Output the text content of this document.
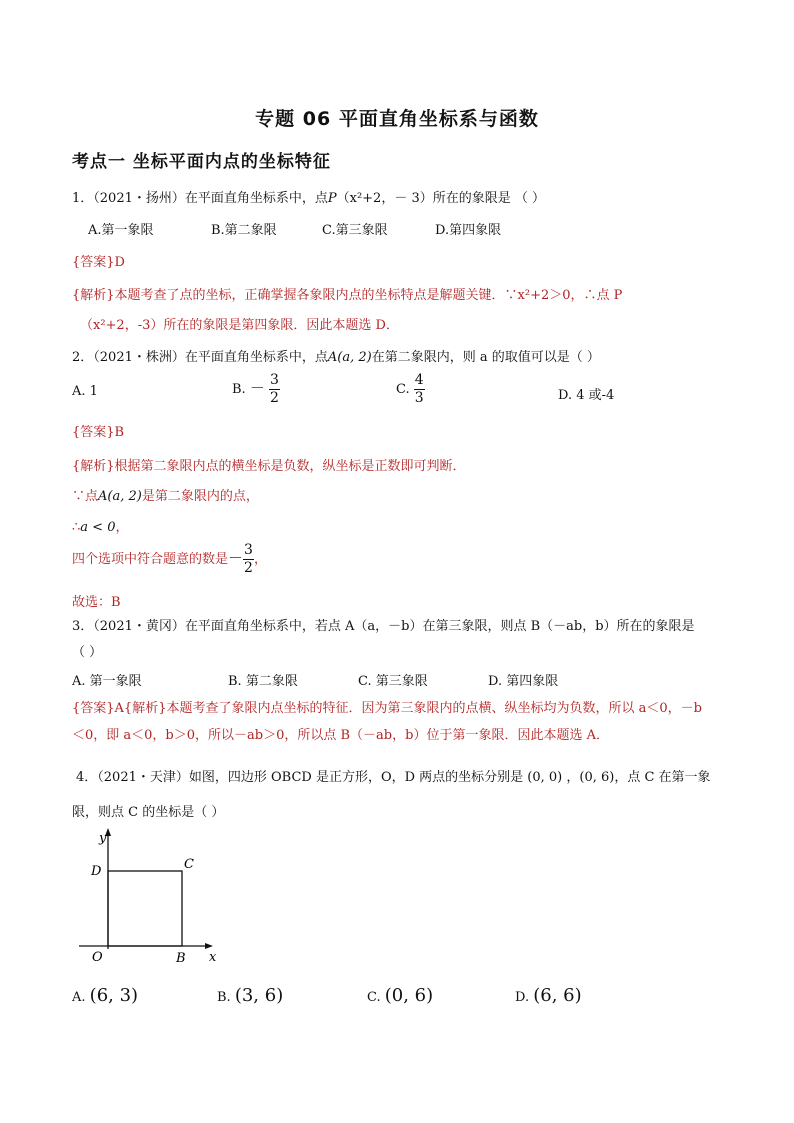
专题 06 平面直角坐标系与函数
考点一 坐标平面内点的坐标特征
1．（2021・扬州）在平面直角坐标系中，点P（x²+2，－ 3）所在的象限是 （ ）
A.第一象限	B.第二象限	C.第三象限	D.第四象限
{答案}D
{解析}本题考查了点的坐标，正确掌握各象限内点的坐标特点是解题关键．∵x²+2＞0，∴点 P
（x²+2，-3）所在的象限是第四象限．因此本题选 D．
2．（2021・株洲）在平面直角坐标系中，点A(a, 2)在第二象限内，则 a 的取值可以是（ ）
A. 1	B. － $\frac{3}{2}$	C. $\frac{4}{3}$	D. 4 或-4
{答案}B
{解析}根据第二象限内点的横坐标是负数，纵坐标是正数即可判断．
∵点A(a, 2)是第二象限内的点，
∴a < 0，
四个选项中符合题意的数是－ $\frac{3}{2}$ ，
故选：B
3．（2021・黄冈）在平面直角坐标系中，若点 A（a，－b）在第三象限，则点 B（－ab，b）所在的象限是
（ ）
A. 第一象限	B. 第二象限	C. 第三象限	D. 第四象限
{答案}A{解析}本题考查了象限内点坐标的特征．因为第三象限内的点横、纵坐标均为负数，所以 a＜0，－b
＜0，即 a＜0，b＞0，所以－ab＞0，所以点 B（－ab，b）位于第一象限．因此本题选 A．
4．（2021・天津）如图，四边形 OBCD 是正方形，O，D 两点的坐标分别是 (0, 0) ，(0, 6)，点 C 在第一象
限，则点 C 的坐标是（ ）
y
x
O	B
C
D
A. (6, 3)	B. (3, 6)	C. (0, 6)	D. (6, 6)
